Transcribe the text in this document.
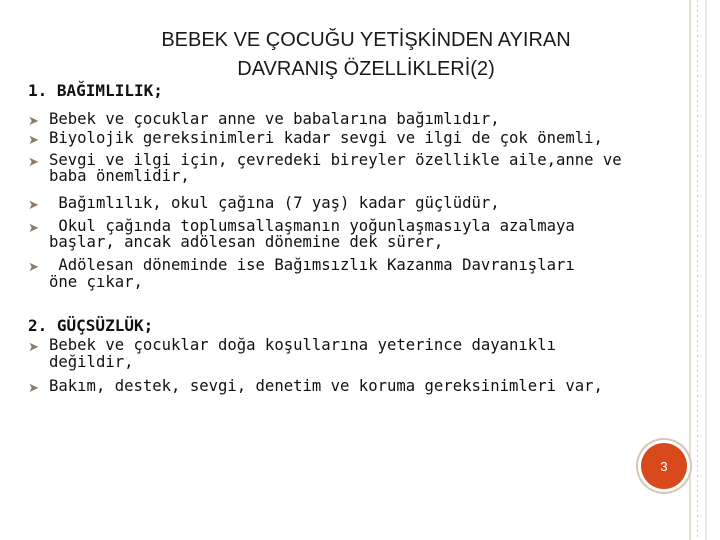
BEBEK VE ÇOCUĞU YETİŞKİNDEN AYIRAN
DAVRANIŞ ÖZELLİKLERİ(2)
1. BAĞIMLILIK;
➤ Bebek ve çocuklar anne ve babalarına bağımlıdır,
➤ Biyolojik gereksinimleri kadar sevgi ve ilgi de çok önemli,
➤ Sevgi ve ilgi için, çevredeki bireyler özellikle aile,anne ve
baba önemlidir,
➤ Bağımlılık, okul çağına (7 yaş) kadar güçlüdür,
➤ Okul çağında toplumsallaşmanın yoğunlaşmasıyla azalmaya
başlar, ancak adölesan dönemine dek sürer,
➤ Adölesan döneminde ise Bağımsızlık Kazanma Davranışları
öne çıkar,
2. GÜÇSÜZLÜK;
➤ Bebek ve çocuklar doğa koşullarına yeterince dayanıklı
değildir,
➤ Bakım, destek, sevgi, denetim ve koruma gereksinimleri var,
3
